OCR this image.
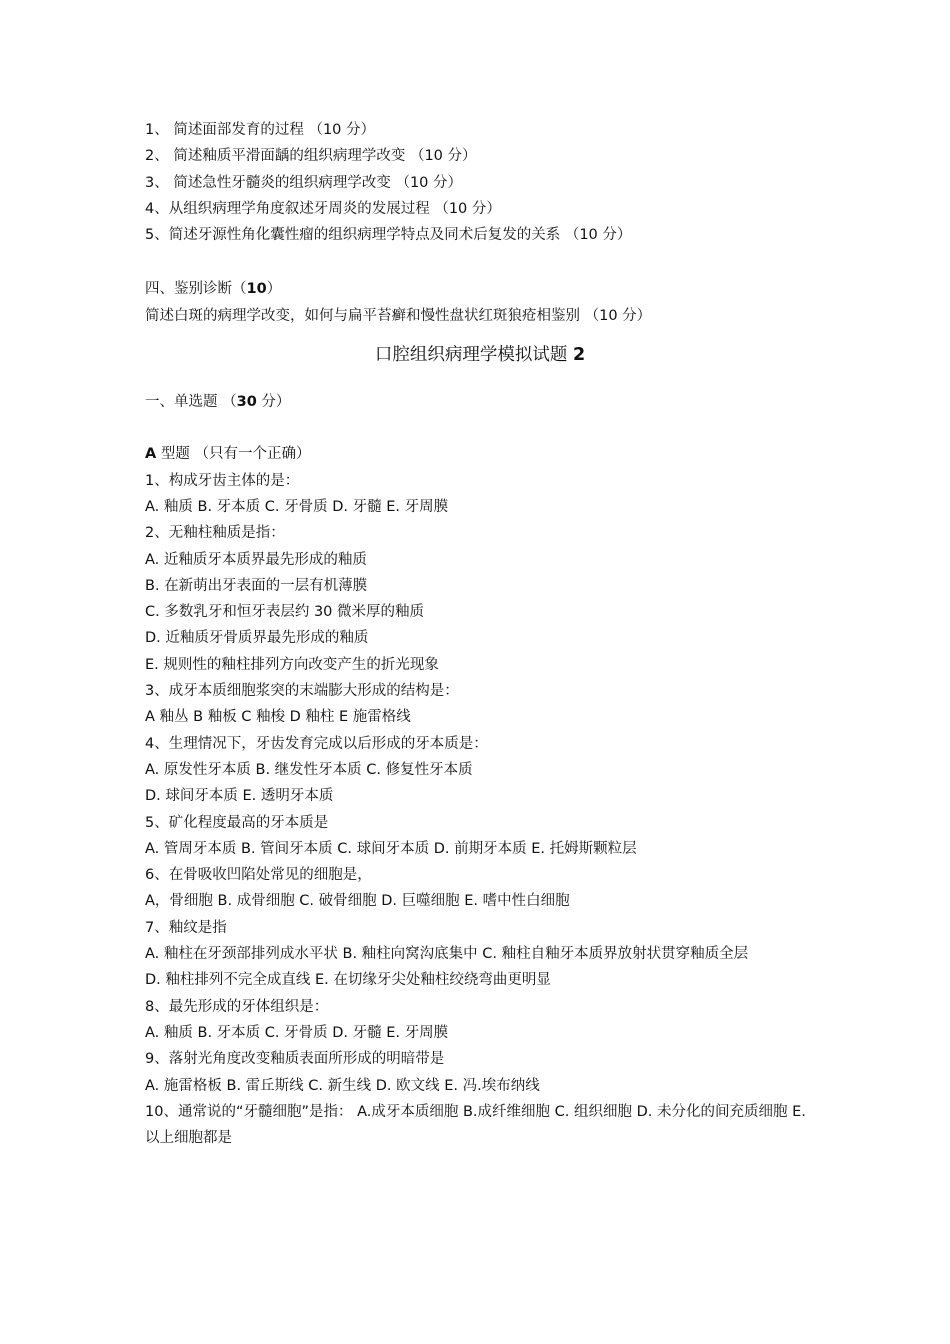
1、 简述面部发育的过程 （10 分）
2、 简述釉质平滑面龋的组织病理学改变 （10 分）
3、 简述急性牙髓炎的组织病理学改变 （10 分）
4、从组织病理学角度叙述牙周炎的发展过程 （10 分）
5、简述牙源性角化囊性瘤的组织病理学特点及同术后复发的关系 （10 分）
四、鉴别诊断（10）
简述白斑的病理学改变，如何与扁平苔癣和慢性盘状红斑狼疮相鉴别 （10 分）
口腔组织病理学模拟试题 2
一、单选题 （30 分）
A 型题 （只有一个正确）
1、构成牙齿主体的是：
A. 釉质 B. 牙本质 C. 牙骨质 D. 牙髓 E. 牙周膜
2、无釉柱釉质是指：
A. 近釉质牙本质界最先形成的釉质
B. 在新萌出牙表面的一层有机薄膜
C. 多数乳牙和恒牙表层约 30 微米厚的釉质
D. 近釉质牙骨质界最先形成的釉质
E. 规则性的釉柱排列方向改变产生的折光现象
3、成牙本质细胞浆突的末端膨大形成的结构是：
A 釉丛 B 釉板 C 釉梭 D 釉柱 E 施雷格线
4、生理情况下，牙齿发育完成以后形成的牙本质是：
A. 原发性牙本质 B. 继发性牙本质 C. 修复性牙本质
D. 球间牙本质 E. 透明牙本质
5、矿化程度最高的牙本质是
A. 管周牙本质 B. 管间牙本质 C. 球间牙本质 D. 前期牙本质 E. 托姆斯颗粒层
6、在骨吸收凹陷处常见的细胞是，
A，骨细胞 B. 成骨细胞 C. 破骨细胞 D. 巨噬细胞 E. 嗜中性白细胞
7、釉纹是指
A. 釉柱在牙颈部排列成水平状 B. 釉柱向窝沟底集中 C. 釉柱自釉牙本质界放射状贯穿釉质全层
D. 釉柱排列不完全成直线 E. 在切缘牙尖处釉柱绞绕弯曲更明显
8、最先形成的牙体组织是：
A. 釉质 B. 牙本质 C. 牙骨质 D. 牙髓 E. 牙周膜
9、落射光角度改变釉质表面所形成的明暗带是
A. 施雷格板 B. 雷丘斯线 C. 新生线 D. 欧文线 E. 冯.埃布纳线
10、通常说的“牙髓细胞”是指： A.成牙本质细胞 B.成纤维细胞 C. 组织细胞 D. 未分化的间充质细胞 E. 以上细胞都是
